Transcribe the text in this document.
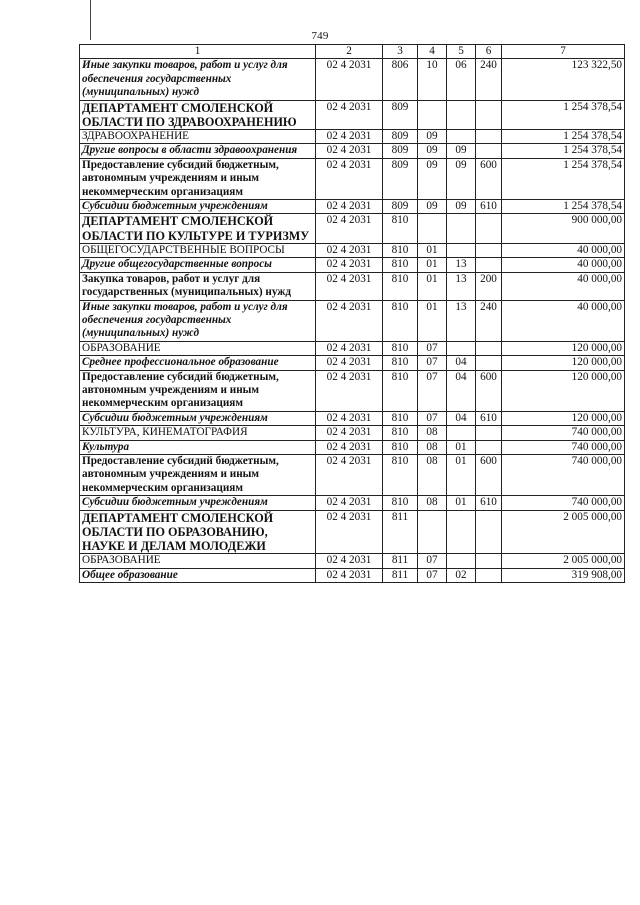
749
1	2	3	4	5	6	7
Иные закупки товаров, работ и услуг для обеспечения государственных (муниципальных) нужд	02 4 2031	806	10	06	240	123 322,50
ДЕПАРТАМЕНТ СМОЛЕНСКОЙ ОБЛАСТИ ПО ЗДРАВООХРАНЕНИЮ	02 4 2031	809				1 254 378,54
ЗДРАВООХРАНЕНИЕ	02 4 2031	809	09			1 254 378,54
Другие вопросы в области здравоохранения	02 4 2031	809	09	09		1 254 378,54
Предоставление субсидий бюджетным, автономным учреждениям и иным некоммерческим организациям	02 4 2031	809	09	09	600	1 254 378,54
Субсидии бюджетным учреждениям	02 4 2031	809	09	09	610	1 254 378,54
ДЕПАРТАМЕНТ СМОЛЕНСКОЙ ОБЛАСТИ ПО КУЛЬТУРЕ И ТУРИЗМУ	02 4 2031	810				900 000,00
ОБЩЕГОСУДАРСТВЕННЫЕ ВОПРОСЫ	02 4 2031	810	01			40 000,00
Другие общегосударственные вопросы	02 4 2031	810	01	13		40 000,00
Закупка товаров, работ и услуг для государственных (муниципальных) нужд	02 4 2031	810	01	13	200	40 000,00
Иные закупки товаров, работ и услуг для обеспечения государственных (муниципальных) нужд	02 4 2031	810	01	13	240	40 000,00
ОБРАЗОВАНИЕ	02 4 2031	810	07			120 000,00
Среднее профессиональное образование	02 4 2031	810	07	04		120 000,00
Предоставление субсидий бюджетным, автономным учреждениям и иным некоммерческим организациям	02 4 2031	810	07	04	600	120 000,00
Субсидии бюджетным учреждениям	02 4 2031	810	07	04	610	120 000,00
КУЛЬТУРА, КИНЕМАТОГРАФИЯ	02 4 2031	810	08			740 000,00
Культура	02 4 2031	810	08	01		740 000,00
Предоставление субсидий бюджетным, автономным учреждениям и иным некоммерческим организациям	02 4 2031	810	08	01	600	740 000,00
Субсидии бюджетным учреждениям	02 4 2031	810	08	01	610	740 000,00
ДЕПАРТАМЕНТ СМОЛЕНСКОЙ ОБЛАСТИ ПО ОБРАЗОВАНИЮ, НАУКЕ И ДЕЛАМ МОЛОДЕЖИ	02 4 2031	811				2 005 000,00
ОБРАЗОВАНИЕ	02 4 2031	811	07			2 005 000,00
Общее образование	02 4 2031	811	07	02		319 908,00
